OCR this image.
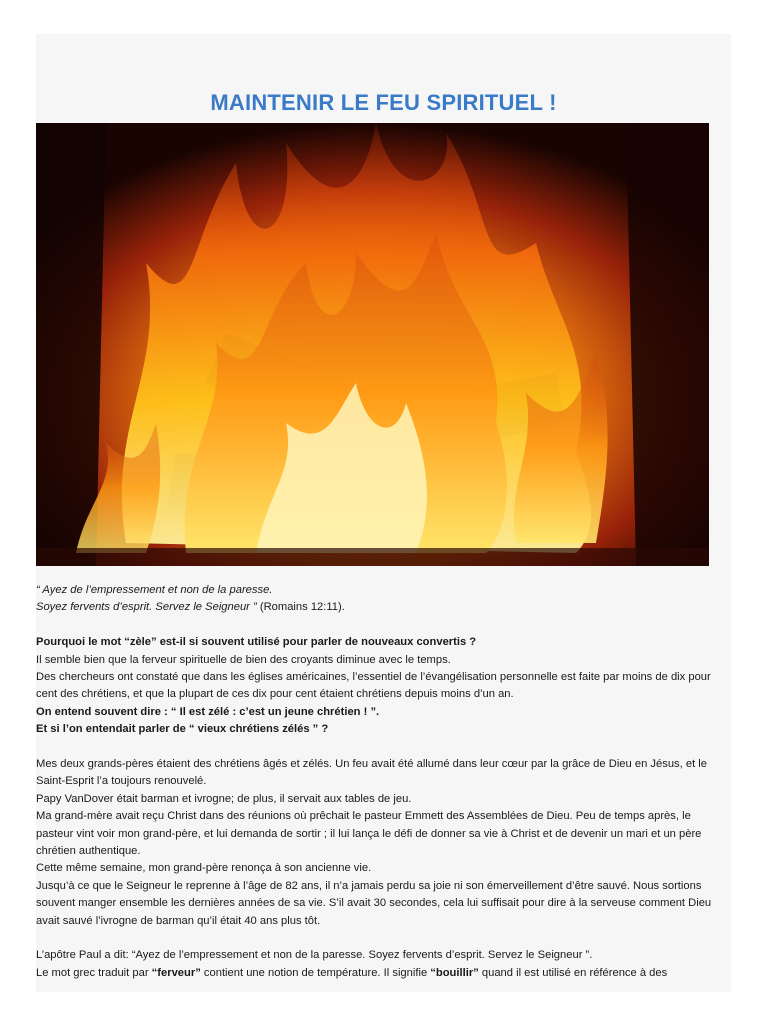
MAINTENIR LE FEU SPIRITUEL !

“ Ayez de l’empressement et non de la paresse.

Soyez fervents d’esprit. Servez le Seigneur ” (Romains 12:11).

Pourquoi le mot “zèle” est-il si souvent utilisé pour parler de nouveaux convertis ?

Il semble bien que la ferveur spirituelle de bien des croyants diminue avec le temps.

Des chercheurs ont constaté que dans les églises américaines, l’essentiel de l’évangélisation personnelle est faite par moins de dix pour cent des chrétiens, et que la plupart de ces dix pour cent étaient chrétiens depuis moins d’un an.

On entend souvent dire : “ Il est zélé : c’est un jeune chrétien ! ”.

Et si l’on entendait parler de “ vieux chrétiens zélés ” ?

Mes deux grands-pères étaient des chrétiens âgés et zélés. Un feu avait été allumé dans leur cœur par la grâce de Dieu en Jésus, et le Saint-Esprit l’a toujours renouvelé.

Papy VanDover était barman et ivrogne; de plus, il servait aux tables de jeu.

Ma grand-mère avait reçu Christ dans des réunions où prêchait le pasteur Emmett des Assemblées de Dieu. Peu de temps après, le pasteur vint voir mon grand-père, et lui demanda de sortir ; il lui lança le défi de donner sa vie à Christ et de devenir un mari et un père chrétien authentique.

Cette même semaine, mon grand-père renonça à son ancienne vie.

Jusqu’à ce que le Seigneur le reprenne à l’âge de 82 ans, il n’a jamais perdu sa joie ni son émerveillement d’être sauvé. Nous sortions souvent manger ensemble les dernières années de sa vie. S’il avait 30 secondes, cela lui suffisait pour dire à la serveuse comment Dieu avait sauvé l’ivrogne de barman qu’il était 40 ans plus tôt.

L’apôtre Paul a dit: “Ayez de l’empressement et non de la paresse. Soyez fervents d’esprit. Servez le Seigneur ”.

Le mot grec traduit par “ferveur” contient une notion de température. Il signifie “bouillir” quand il est utilisé en référence à des
